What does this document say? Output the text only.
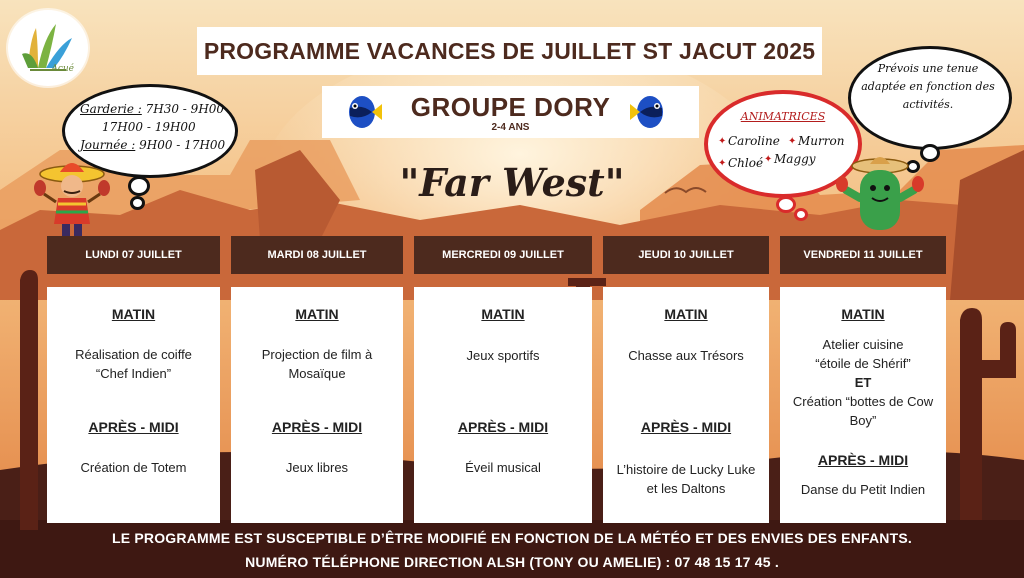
Acué
PROGRAMME VACANCES DE JUILLET ST JACUT 2025
GROUPE DORY
2-4 ANS
"Far West"
Garderie : 7H30 - 9H00
17H00 - 19H00
Journée : 9H00 - 17H00
ANIMATRICES
✦ Caroline ✦ Murron
✦ Chloé ✦ Maggy
Prévois une tenue
adaptée en fonction des
activités.
LUNDI 07 JUILLET
MATIN
Réalisation de coiffe
“Chef Indien”
APRÈS - MIDI
Création de Totem
MARDI 08 JUILLET
MATIN
Projection de film à
Mosaïque
APRÈS - MIDI
Jeux libres
MERCREDI 09 JUILLET
MATIN
Jeux sportifs
APRÈS - MIDI
Éveil musical
JEUDI 10 JUILLET
MATIN
Chasse aux Trésors
APRÈS - MIDI
L’histoire de Lucky Luke
et les Daltons
VENDREDI 11 JUILLET
MATIN
Atelier cuisine
“étoile de Shérif”
ET
Création “bottes de Cow
Boy”
APRÈS - MIDI
Danse du Petit Indien
LE PROGRAMME EST SUSCEPTIBLE D’ÊTRE MODIFIÉ EN FONCTION DE LA MÉTÉO ET DES ENVIES DES ENFANTS.
NUMÉRO TÉLÉPHONE DIRECTION ALSH (TONY OU AMELIE) : 07 48 15 17 45 .
